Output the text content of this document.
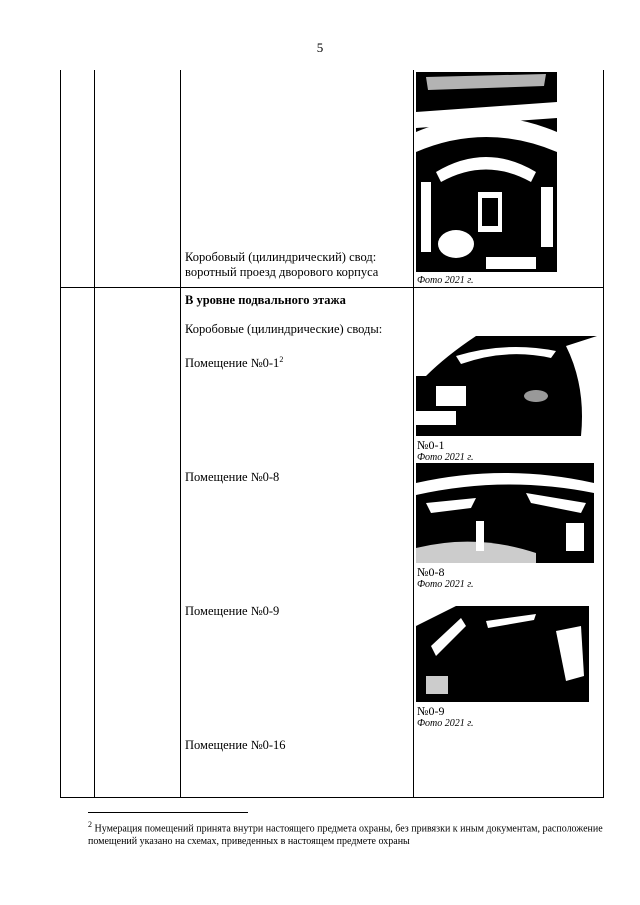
5
Коробовый (цилиндрический) свод:
воротный проезд дворового корпуса
Фото 2021 г.
В уровне подвального этажа
Коробовые (цилиндрические) своды:
Помещение $№0-1^2$
Помещение №0-8
Помещение №0-9
Помещение №0-16
№0-1
Фото 2021 г.
№0-8
Фото 2021 г.
№0-9
Фото 2021 г.
$^2$ Нумерация помещений принята внутри настоящего предмета охраны, без привязки к иным документам, расположение помещений указано на схемах, приведенных в настоящем предмете охраны
